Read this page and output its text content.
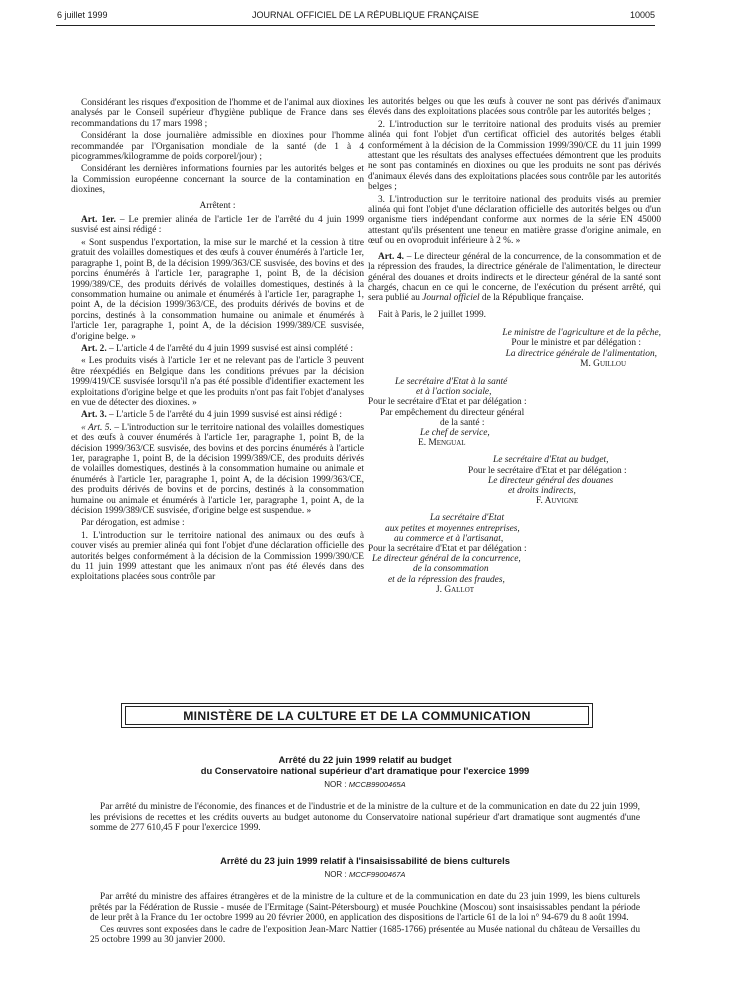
6 juillet 1999	JOURNAL OFFICIEL DE LA RÉPUBLIQUE FRANÇAISE	10005

Considérant les risques d'exposition de l'homme et de l'animal aux dioxines analysés par le Conseil supérieur d'hygiène publique de France dans ses recommandations du 17 mars 1998 ;

Considérant la dose journalière admissible en dioxines pour l'homme recommandée par l'Organisation mondiale de la santé (de 1 à 4 picogrammes/kilogramme de poids corporel/jour) ;

Considérant les dernières informations fournies par les autorités belges et la Commission européenne concernant la source de la contamination en dioxines,

Arrêtent :

Art. 1er. – Le premier alinéa de l'article 1er de l'arrêté du 4 juin 1999 susvisé est ainsi rédigé :

« Sont suspendus l'exportation, la mise sur le marché et la cession à titre gratuit des volailles domestiques et des œufs à couver énumérés à l'article 1er, paragraphe 1, point B, de la décision 1999/363/CE susvisée, des bovins et des porcins énumérés à l'article 1er, paragraphe 1, point B, de la décision 1999/389/CE, des produits dérivés de volailles domestiques, destinés à la consommation humaine ou animale et énumérés à l'article 1er, paragraphe 1, point A, de la décision 1999/363/CE, des produits dérivés de bovins et de porcins, destinés à la consommation humaine ou animale et énumérés à l'article 1er, paragraphe 1, point A, de la décision 1999/389/CE susvisée, d'origine belge. »

Art. 2. – L'article 4 de l'arrêté du 4 juin 1999 susvisé est ainsi complété :

« Les produits visés à l'article 1er et ne relevant pas de l'article 3 peuvent être réexpédiés en Belgique dans les conditions prévues par la décision 1999/419/CE susvisée lorsqu'il n'a pas été possible d'identifier exactement les exploitations d'origine belge et que les produits n'ont pas fait l'objet d'analyses en vue de détecter des dioxines. »

Art. 3. – L'article 5 de l'arrêté du 4 juin 1999 susvisé est ainsi rédigé :

« Art. 5. – L'introduction sur le territoire national des volailles domestiques et des œufs à couver énumérés à l'article 1er, paragraphe 1, point B, de la décision 1999/363/CE susvisée, des bovins et des porcins énumérés à l'article 1er, paragraphe 1, point B, de la décision 1999/389/CE, des produits dérivés de volailles domestiques, destinés à la consommation humaine ou animale et énumérés à l'article 1er, paragraphe 1, point A, de la décision 1999/363/CE, des produits dérivés de bovins et de porcins, destinés à la consommation humaine ou animale et énumérés à l'article 1er, paragraphe 1, point A, de la décision 1999/389/CE susvisée, d'origine belge est suspendue. »

Par dérogation, est admise :

1. L'introduction sur le territoire national des animaux ou des œufs à couver visés au premier alinéa qui font l'objet d'une déclaration officielle des autorités belges conformément à la décision de la Commission 1999/390/CE du 11 juin 1999 attestant que les animaux n'ont pas été élevés dans des exploitations placées sous contrôle par

les autorités belges ou que les œufs à couver ne sont pas dérivés d'animaux élevés dans des exploitations placées sous contrôle par les autorités belges ;

2. L'introduction sur le territoire national des produits visés au premier alinéa qui font l'objet d'un certificat officiel des autorités belges établi conformément à la décision de la Commission 1999/390/CE du 11 juin 1999 attestant que les résultats des analyses effectuées démontrent que les produits ne sont pas contaminés en dioxines ou que les produits ne sont pas dérivés d'animaux élevés dans des exploitations placées sous contrôle par les autorités belges ;

3. L'introduction sur le territoire national des produits visés au premier alinéa qui font l'objet d'une déclaration officielle des autorités belges ou d'un organisme tiers indépendant conforme aux normes de la série EN 45000 attestant qu'ils présentent une teneur en matière grasse d'origine animale, en œuf ou en ovoproduit inférieure à 2 %. »

Art. 4. – Le directeur général de la concurrence, de la consommation et de la répression des fraudes, la directrice générale de l'alimentation, le directeur général des douanes et droits indirects et le directeur général de la santé sont chargés, chacun en ce qui le concerne, de l'exécution du présent arrêté, qui sera publié au Journal officiel de la République française.

Fait à Paris, le 2 juillet 1999.

Le ministre de l'agriculture et de la pêche,
Pour le ministre et par délégation :
La directrice générale de l'alimentation,
M. Guillou
Le secrétaire d'Etat à la santé
et à l'action sociale,
Pour le secrétaire d'Etat et par délégation :
Par empêchement du directeur général
de la santé :
Le chef de service,
E. Mengual
Le secrétaire d'Etat au budget,
Pour le secrétaire d'Etat et par délégation :
Le directeur général des douanes
et droits indirects,
F. Auvigne
La secrétaire d'Etat
aux petites et moyennes entreprises,
au commerce et à l'artisanat,
Pour la secrétaire d'Etat et par délégation :
Le directeur général de la concurrence,
de la consommation
et de la répression des fraudes,
J. Gallot
MINISTÈRE DE LA CULTURE ET DE LA COMMUNICATION
Arrêté du 22 juin 1999 relatif au budget
du Conservatoire national supérieur d'art dramatique pour l'exercice 1999
NOR : MCCB9900465A

Par arrêté du ministre de l'économie, des finances et de l'industrie et de la ministre de la culture et de la communication en date du 22 juin 1999, les prévisions de recettes et les crédits ouverts au budget autonome du Conservatoire national supérieur d'art dramatique sont augmentés d'une somme de 277 610,45 F pour l'exercice 1999.

Arrêté du 23 juin 1999 relatif à l'insaisissabilité de biens culturels
NOR : MCCF9900467A

Par arrêté du ministre des affaires étrangères et de la ministre de la culture et de la communication en date du 23 juin 1999, les biens culturels prêtés par la Fédération de Russie - musée de l'Ermitage (Saint-Pétersbourg) et musée Pouchkine (Moscou) sont insaisissables pendant la période de leur prêt à la France du 1er octobre 1999 au 20 février 2000, en application des dispositions de l'article 61 de la loi n° 94-679 du 8 août 1994.

Ces œuvres sont exposées dans le cadre de l'exposition Jean-Marc Nattier (1685-1766) présentée au Musée national du château de Versailles du 25 octobre 1999 au 30 janvier 2000.
